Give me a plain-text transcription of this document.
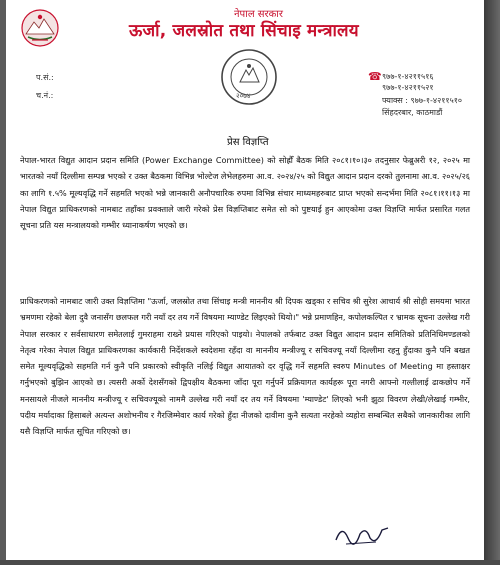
नेपाल सरकार
ऊर्जा, जलस्रोत तथा सिंचाइ मन्त्रालय
२०७४
प.सं.:
च.नं.:
☎ ९७७-१-४२११५१६
९७७-१-४२११५२१
फ्याक्स : ९७७-१-४२११५१०
सिंहदरबार, काठमाडौं
प्रेस विज्ञप्ति

नेपाल-भारत विद्युत आदान प्रदान समिति (Power Exchange Committee) को सोह्रौँ बैठक मिति २०८१।१०।३० तदनुसार फेब्रुअरी १२, २०२५ मा भारतको नयाँ दिल्लीमा सम्पन्न भएको र उक्त बैठकमा विभिन्न भोल्टेज लेभेलहरुमा आ.व. २०२४/२५ को विद्युत आदान प्रदान दरको तुलनामा आ.व. २०२५/२६ का लागि १.५% मूल्यवृद्धि गर्ने सहमति भएको भन्ने जानकारी अनौपचारिक रुपमा विभिन्न संचार माध्यमहरुबाट प्राप्त भएको सन्दर्भमा मिति २०८१।११।१३ मा नेपाल विद्युत प्राधिकरणको नामबाट तहाँका प्रवक्ताले जारी गरेको प्रेस विज्ञप्तिबाट समेत सो को पुष्टयाई हुन आएकोमा उक्त विज्ञप्ति मार्फत प्रसारित गलत सूचना प्रति यस मन्त्रालयको गम्भीर ध्यानाकर्षण भएको छ।

प्राधिकरणको नामबाट जारी उक्त विज्ञप्तिमा "ऊर्जा, जलस्रोत तथा सिंचाइ मन्त्री माननीय श्री दिपक खड्का र सचिव श्री सुरेश आचार्य श्री सोही समयमा भारत भ्रमणमा रहेको बेला दुवै जनासँग छलफल गरी नयाँ दर तय गर्ने विषयमा म्याण्डेट लिइएको थियो।" भन्ने प्रमाणहिन, कपोलकल्पित र भ्रामक सूचना उल्लेख गरी नेपाल सरकार र सर्वसाधारण समेतलाई गुमराहमा राख्ने प्रयास गरिएको पाइयो। नेपालको तर्फबाट उक्त विद्युत आदान प्रदान समितिको प्रतिनिधिमण्डलको नेतृत्व गरेका नेपाल विद्युत प्राधिकरणका कार्यकारी निर्देशकले स्वदेशमा रहँदा वा माननीय मन्त्रीज्यू र सचिवज्यू नयाँ दिल्लीमा रहनु हुँदाका कुनै पनि बखत समेत मूल्यवृद्धिको सहमति गर्न कुनै पनि प्रकारको स्वीकृति नलिई विद्युत आयातको दर वृद्धि गर्ने सहमति स्वरुप Minutes of Meeting मा हस्ताक्षर गर्नुभएको बुझिन आएको छ। त्यसरी अर्को देशसँगको द्विपक्षीय बैठकमा जाँदा पूरा गर्नुपर्ने प्रक्रियागत कार्यहरू पूरा नगरी आफ्नो गल्तीलाई ढाकछोप गर्ने मनसायले नीजले माननीय मन्त्रीज्यू र सचिवज्यूको नाममै उल्लेख गरी नयाँ दर तय गर्ने विषयमा 'म्याण्डेट' लिएको भनी झुठा विवरण लेखी/लेखाई गम्भीर, पदीय मर्यादाका हिसाबले अत्यन्त अशोभनीय र गैरजिम्मेवार कार्य गरेको हुँदा नीजको दावीमा कुनै सत्यता नरहेको व्यहोरा सम्बन्धित सबैको जानकारीका लागि यसै विज्ञप्ति मार्फत सूचित गरिएको छ।
